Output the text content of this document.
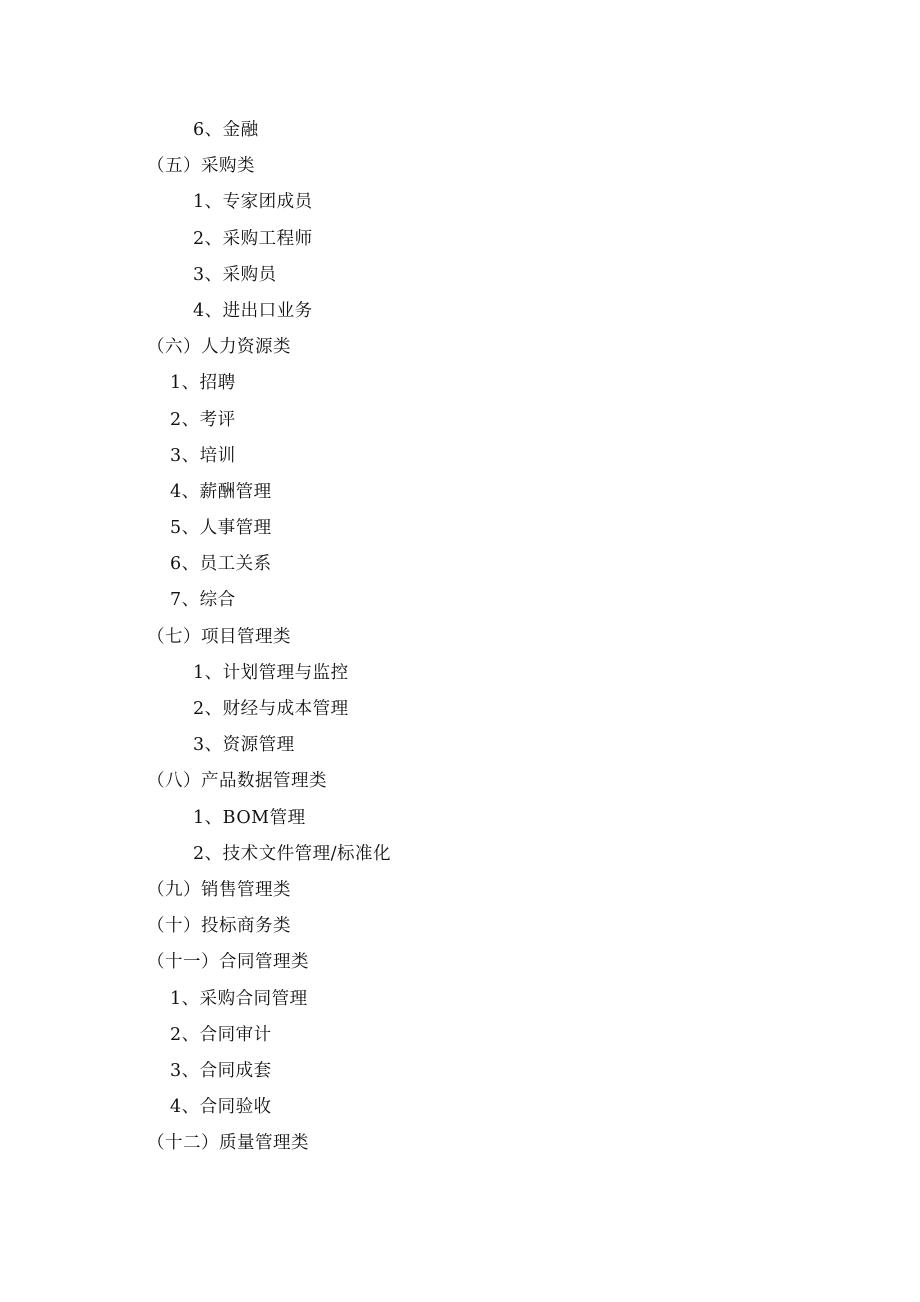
6、金融
（五）采购类
1、专家团成员
2、采购工程师
3、采购员
4、进出口业务
（六）人力资源类
1、招聘
2、考评
3、培训
4、薪酬管理
5、人事管理
6、员工关系
7、综合
（七）项目管理类
1、计划管理与监控
2、财经与成本管理
3、资源管理
（八）产品数据管理类
1、BOM管理
2、技术文件管理/标准化
（九）销售管理类
（十）投标商务类
（十一）合同管理类
1、采购合同管理
2、合同审计
3、合同成套
4、合同验收
（十二）质量管理类
